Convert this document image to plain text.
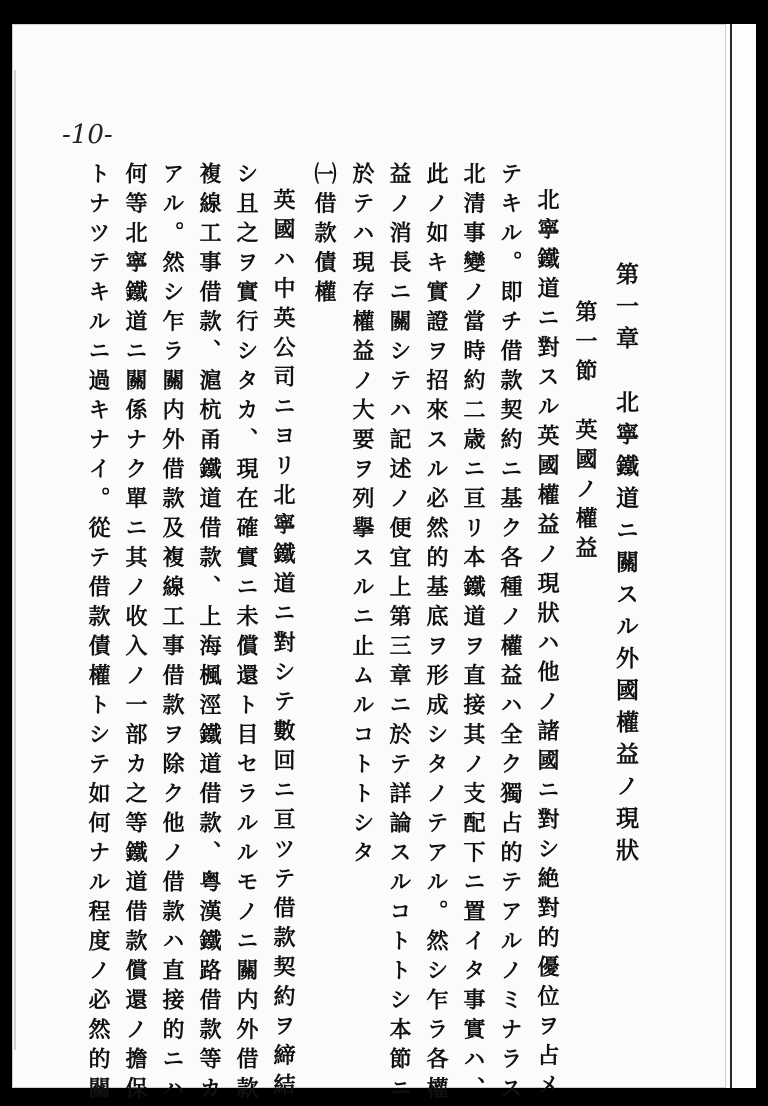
-10-
第一章　北寧鐵道ニ關スル外國權益ノ現狀
第一節　英國ノ權益
北寧鐵道ニ對スル英國權益ノ現狀ハ他ノ諸國ニ對シ絶對的優位ヲ占メ
テキル。即チ借款契約ニ基ク各種ノ權益ハ全ク獨占的テアルノミナラス
北清事變ノ當時約二歳ニ亘リ本鐵道ヲ直接其ノ支配下ニ置イタ事實ハ、
此ノ如キ實證ヲ招來スル必然的基底ヲ形成シタノテアル。然シ乍ラ各權
益ノ消長ニ關シテハ記述ノ便宜上第三章ニ於テ詳論スルコトトシ本節ニ
於テハ現存權益ノ大要ヲ列擧スルニ止ムルコトトシタ
㈠借款債權
英國ハ中英公司ニヨリ北寧鐵道ニ對シテ數回ニ亘ツテ借款契約ヲ締結
シ且之ヲ實行シタカ、現在確實ニ未償還ト目セラルルモノニ關内外借款
複線工事借款、滬杭甬鐵道借款、上海楓涇鐵道借款、粤漢鐵路借款等カ
アル。然シ乍ラ關内外借款及複線工事借款ヲ除ク他ノ借款ハ直接的ニハ
何等北寧鐵道ニ關係ナク單ニ其ノ收入ノ一部カ之等鐵道借款償還ノ擔保
トナツテキルニ過キナイ。從テ借款債權トシテ如何ナル程度ノ必然的關
